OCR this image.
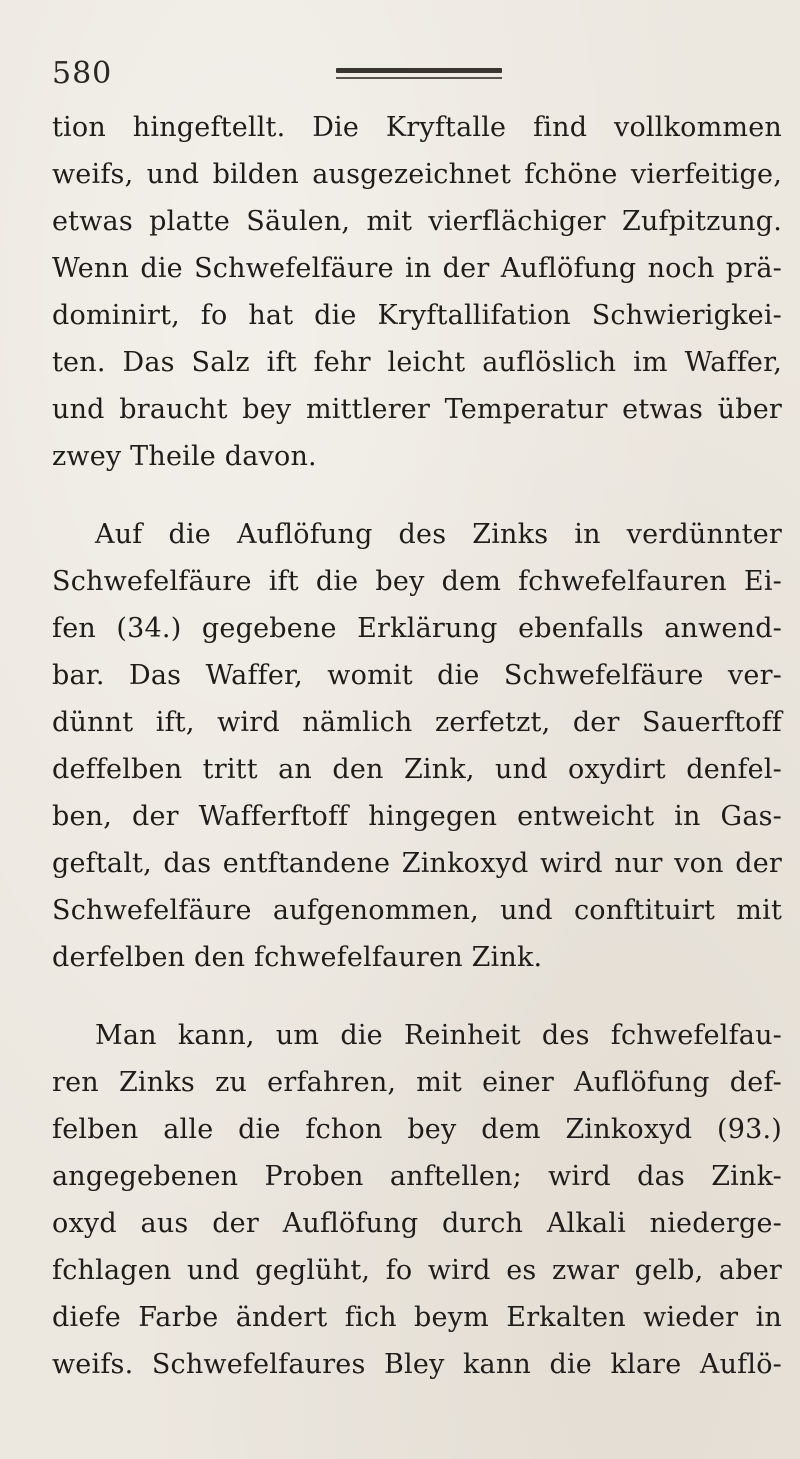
580
tion hingeftellt. Die Kryftalle find vollkommen
weifs, und bilden ausgezeichnet fchöne vierfeitige,
etwas platte Säulen, mit vierflächiger Zufpitzung.
Wenn die Schwefelfäure in der Auflöfung noch prä-
dominirt, fo hat die Kryftallifation Schwierigkei-
ten. Das Salz ift fehr leicht auflöslich im Waffer,
und braucht bey mittlerer Temperatur etwas über
zwey Theile davon.
Auf die Auflöfung des Zinks in verdünnter
Schwefelfäure ift die bey dem fchwefelfauren Ei-
fen (34.) gegebene Erklärung ebenfalls anwend-
bar. Das Waffer, womit die Schwefelfäure ver-
dünnt ift, wird nämlich zerfetzt, der Sauerftoff
deffelben tritt an den Zink, und oxydirt denfel-
ben, der Wafferftoff hingegen entweicht in Gas-
geftalt, das entftandene Zinkoxyd wird nur von der
Schwefelfäure aufgenommen, und conftituirt mit
derfelben den fchwefelfauren Zink.
Man kann, um die Reinheit des fchwefelfau-
ren Zinks zu erfahren, mit einer Auflöfung def-
felben alle die fchon bey dem Zinkoxyd (93.)
angegebenen Proben anftellen; wird das Zink-
oxyd aus der Auflöfung durch Alkali niederge-
fchlagen und geglüht, fo wird es zwar gelb, aber
diefe Farbe ändert fich beym Erkalten wieder in
weifs. Schwefelfaures Bley kann die klare Auflö-
